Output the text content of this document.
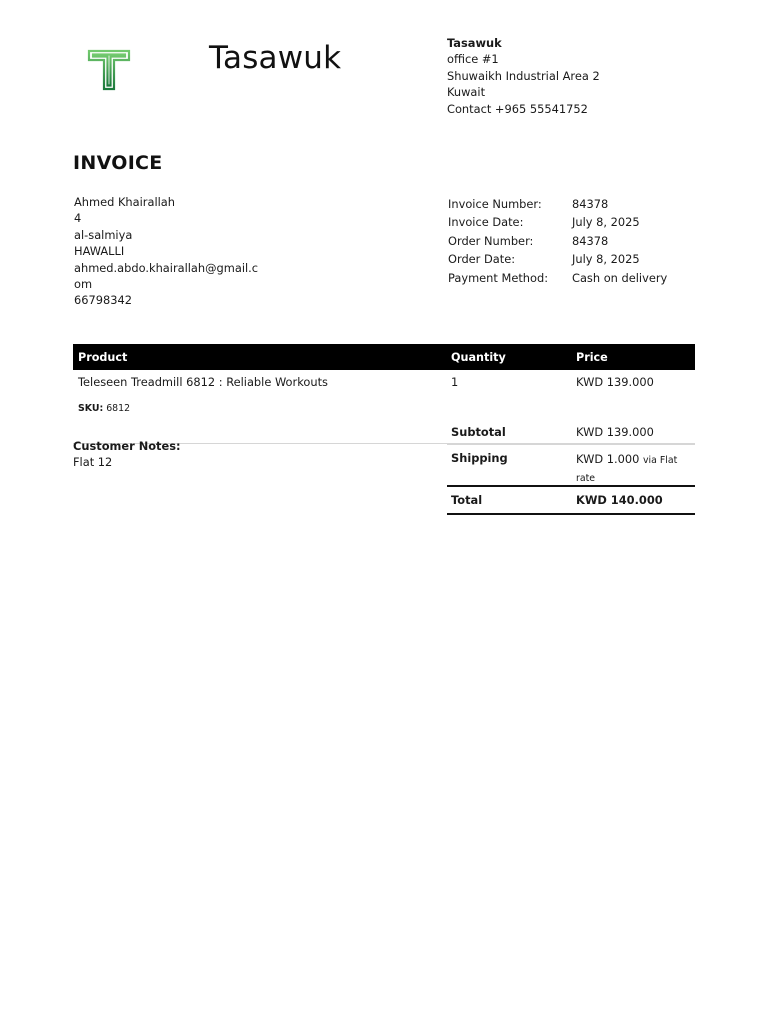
Tasawuk	Tasawuk
office #1
Shuwaikh Industrial Area 2
Kuwait
Contact +965 55541752
INVOICE
Ahmed Khairallah
4
al-salmiya
HAWALLI
ahmed.abdo.khairallah@gmail.com
66798342
Invoice Number:	84378
Invoice Date:	July 8, 2025
Order Number:	84378
Order Date:	July 8, 2025
Payment Method:	Cash on delivery
Product	Quantity	Price
Teleseen Treadmill 6812 : Reliable Workouts	1	KWD 139.000
SKU: 6812
Customer Notes:
Flat 12
Subtotal	KWD 139.000
Shipping	KWD 1.000 via Flat rate
Total	KWD 140.000
